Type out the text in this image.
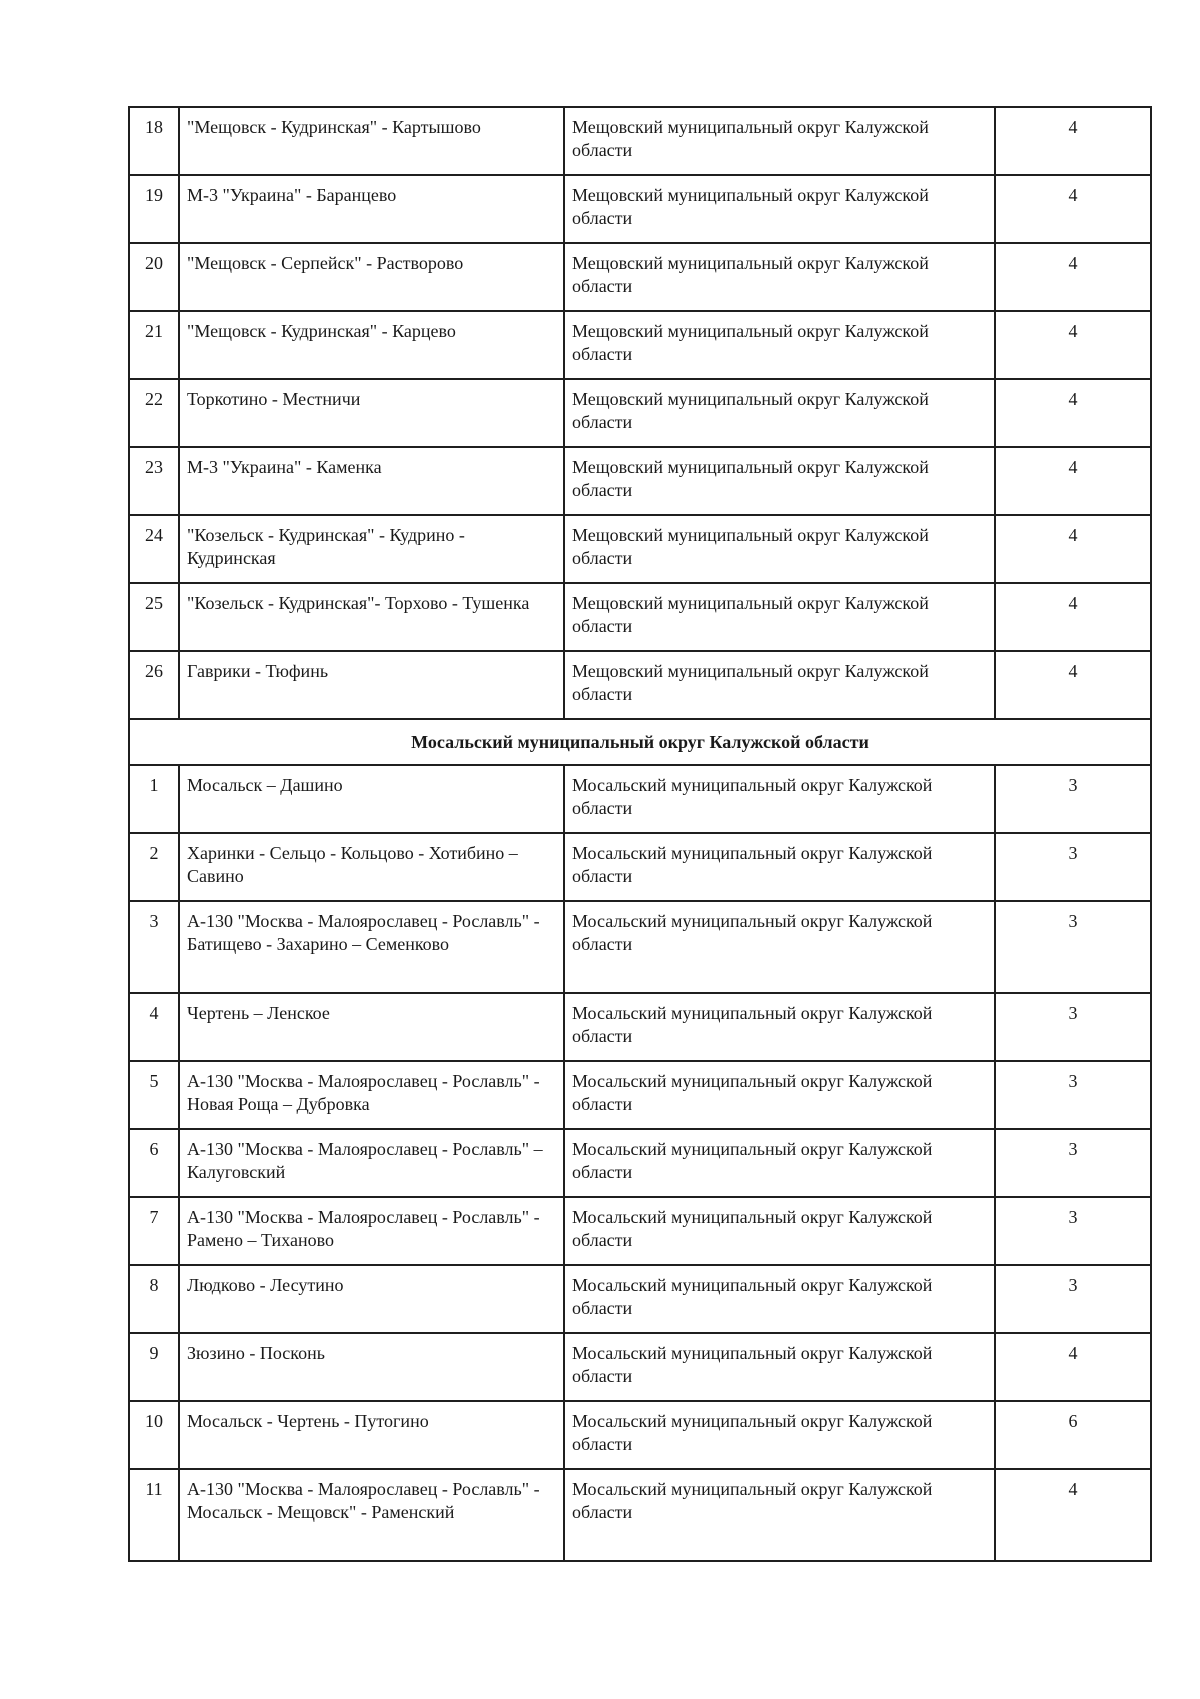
18	"Мещовск - Кудринская" - Картышово	Мещовский муниципальный округ Калужской области	4
19	М-3 "Украина" - Баранцево	Мещовский муниципальный округ Калужской области	4
20	"Мещовск - Серпейск" - Растворово	Мещовский муниципальный округ Калужской области	4
21	"Мещовск - Кудринская" - Карцево	Мещовский муниципальный округ Калужской области	4
22	Торкотино - Местничи	Мещовский муниципальный округ Калужской области	4
23	М-3 "Украина" - Каменка	Мещовский муниципальный округ Калужской области	4
24	"Козельск - Кудринская" - Кудрино - Кудринская	Мещовский муниципальный округ Калужской области	4
25	"Козельск - Кудринская"- Торхово - Тушенка	Мещовский муниципальный округ Калужской области	4
26	Гаврики - Тюфинь	Мещовский муниципальный округ Калужской области	4
Мосальский муниципальный округ Калужской области			
1	Мосальск – Дашино	Мосальский муниципальный округ Калужской области	3
2	Харинки - Сельцо - Кольцово - Хотибино – Савино	Мосальский муниципальный округ Калужской области	3
3	А-130 "Москва - Малоярославец - Рославль" - Батищево - Захарино – Семенково	Мосальский муниципальный округ Калужской области	3
4	Чертень – Ленское	Мосальский муниципальный округ Калужской области	3
5	А-130 "Москва - Малоярославец - Рославль" - Новая Роща – Дубровка	Мосальский муниципальный округ Калужской области	3
6	А-130 "Москва - Малоярославец - Рославль" – Калуговский	Мосальский муниципальный округ Калужской области	3
7	А-130 "Москва - Малоярославец - Рославль" - Рамено – Тиханово	Мосальский муниципальный округ Калужской области	3
8	Людково - Лесутино	Мосальский муниципальный округ Калужской области	3
9	Зюзино - Посконь	Мосальский муниципальный округ Калужской области	4
10	Мосальск - Чертень - Путогино	Мосальский муниципальный округ Калужской области	6
11	А-130 "Москва - Малоярославец - Рославль" - Мосальск - Мещовск" - Раменский	Мосальский муниципальный округ Калужской области	4
